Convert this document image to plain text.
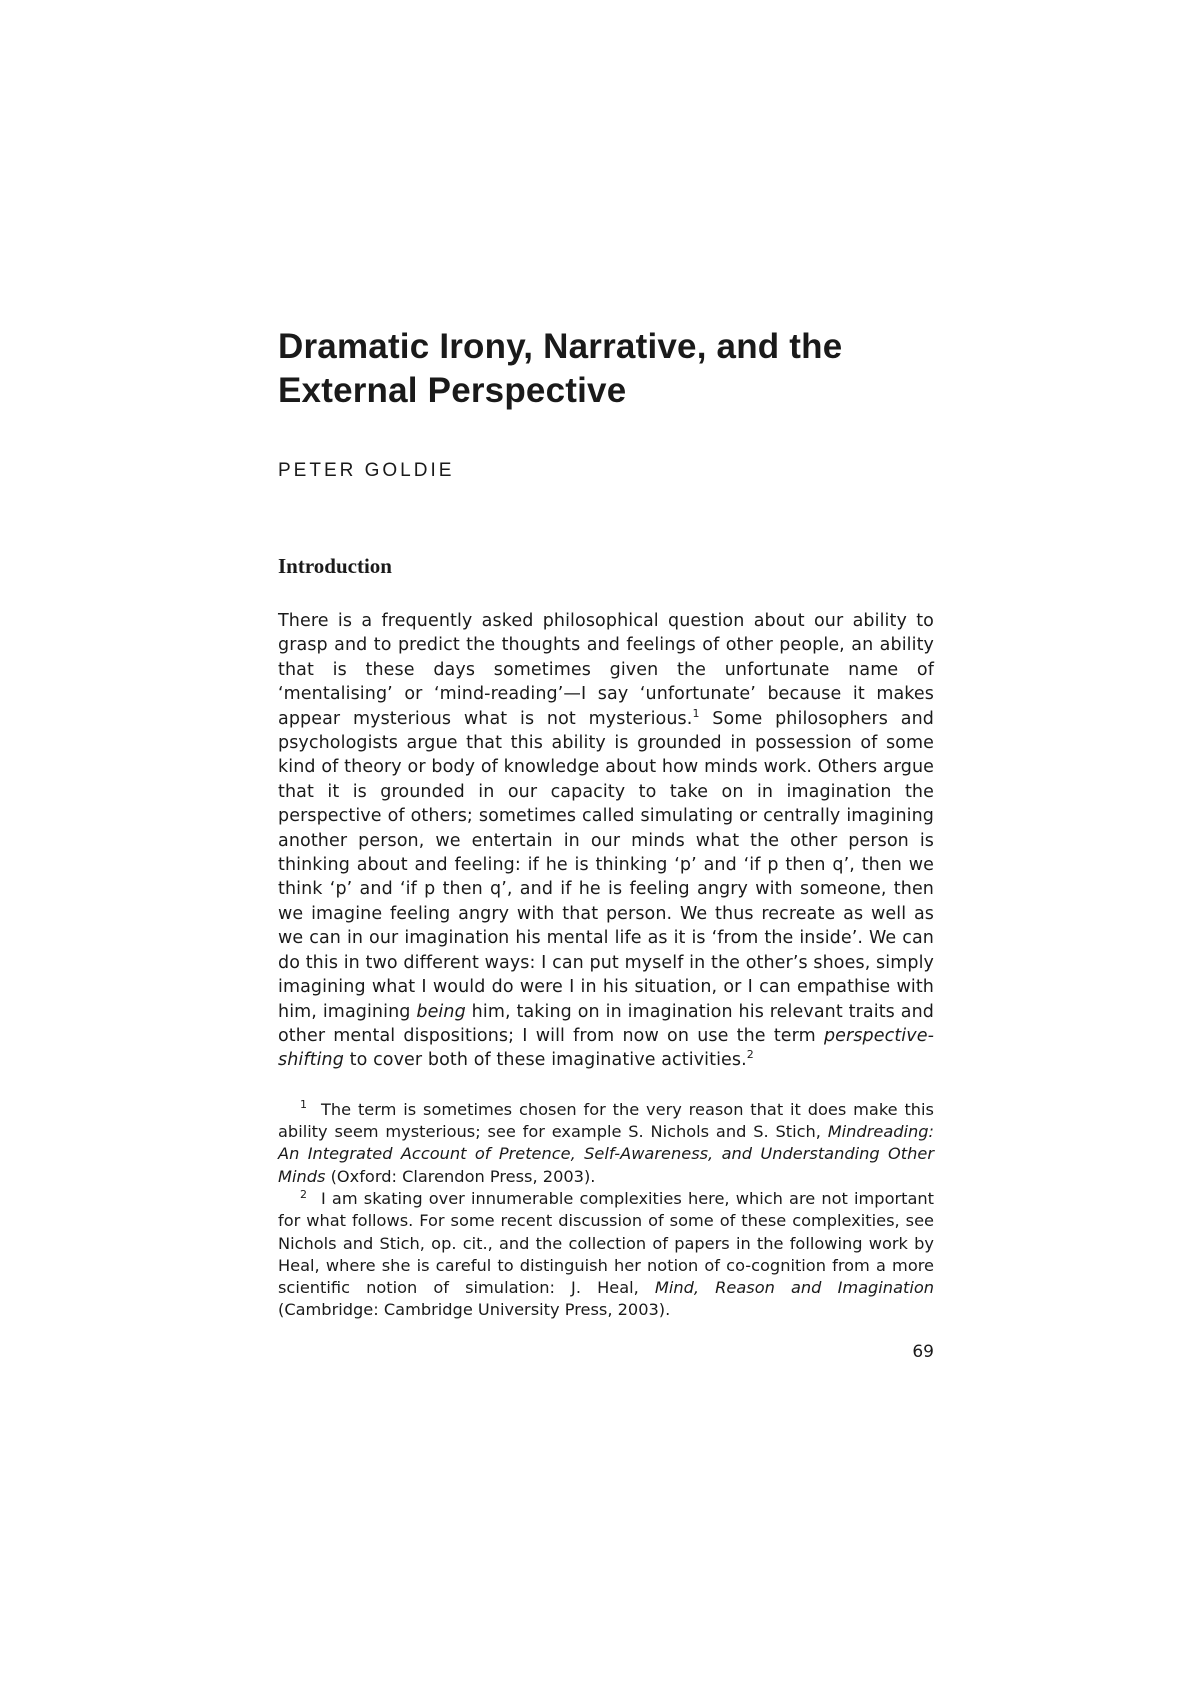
Dramatic Irony, Narrative, and the
External Perspective
PETER GOLDIE
Introduction

There is a frequently asked philosophical question about our ability to grasp and to predict the thoughts and feelings of other people, an ability that is these days sometimes given the unfortunate name of ‘mentalising’ or ‘mind-reading’—I say ‘unfortunate’ because it makes appear mysterious what is not mysterious.$^1$ Some philosophers and psychologists argue that this ability is grounded in possession of some kind of theory or body of knowledge about how minds work. Others argue that it is grounded in our capacity to take on in imagination the perspective of others; sometimes called simulating or centrally imagining another person, we entertain in our minds what the other person is thinking about and feeling: if he is thinking ‘p’ and ‘if p then q’, then we think ‘p’ and ‘if p then q’, and if he is feeling angry with someone, then we imagine feeling angry with that person. We thus recreate as well as we can in our imagination his mental life as it is ‘from the inside’. We can do this in two different ways: I can put myself in the other’s shoes, simply imagining what I would do were I in his situation, or I can empathise with him, imagining being him, taking on in imagination his relevant traits and other mental dispositions; I will from now on use the term perspective-shifting to cover both of these imaginative activities.$^2$

$^1$ The term is sometimes chosen for the very reason that it does make this ability seem mysterious; see for example S. Nichols and S. Stich, Mindreading: An Integrated Account of Pretence, Self-Awareness, and Understanding Other Minds (Oxford: Clarendon Press, 2003).
$^2$ I am skating over innumerable complexities here, which are not important for what follows. For some recent discussion of some of these complexities, see Nichols and Stich, op. cit., and the collection of papers in the following work by Heal, where she is careful to distinguish her notion of co-cognition from a more scientific notion of simulation: J. Heal, Mind, Reason and Imagination (Cambridge: Cambridge University Press, 2003).
69
